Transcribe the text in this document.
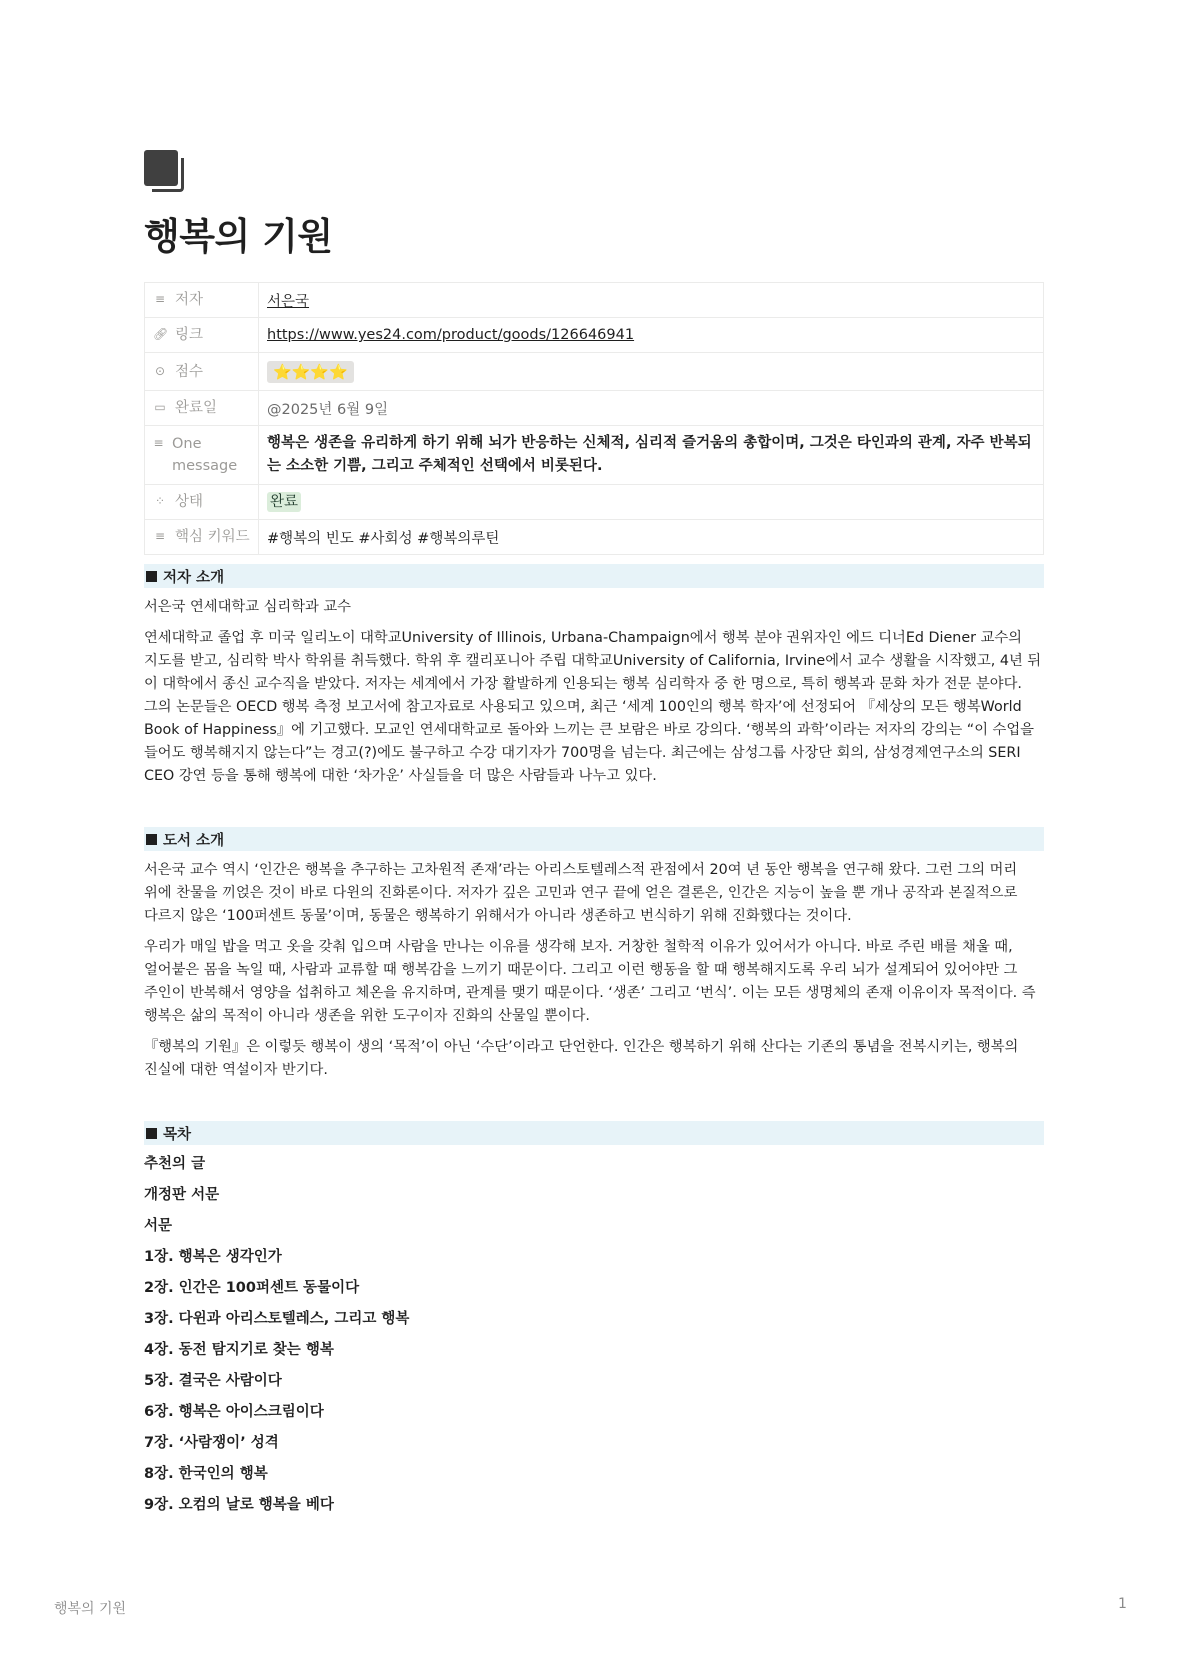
행복의 기원
≡ 저자	서은국

🔗︎ 링크	https://www.yes24.com/product/goods/126646941

⊙ 점수	⭐⭐⭐⭐

▭ 완료일	@2025년 6월 9일

≡ One message	행복은 생존을 유리하게 하기 위해 뇌가 반응하는 신체적, 심리적 즐거움의 총합이며, 그것은 타인과의 관계, 자주 반복되는 소소한 기쁨, 그리고 주체적인 선택에서 비롯된다.

⁘ 상태	완료

≡ 핵심 키워드	#행복의 빈도 #사회성 #행복의루틴
저자 소개
서은국 연세대학교 심리학과 교수
연세대학교 졸업 후 미국 일리노이 대학교University of Illinois, Urbana-Champaign에서 행복 분야 권위자인 에드 디너Ed Diener 교수의 지도를 받고, 심리학 박사 학위를 취득했다. 학위 후 캘리포니아 주립 대학교University of California, Irvine에서 교수 생활을 시작했고, 4년 뒤 이 대학에서 종신 교수직을 받았다. 저자는 세계에서 가장 활발하게 인용되는 행복 심리학자 중 한 명으로, 특히 행복과 문화 차가 전문 분야다. 그의 논문들은 OECD 행복 측정 보고서에 참고자료로 사용되고 있으며, 최근 ‘세계 100인의 행복 학자’에 선정되어 『세상의 모든 행복World Book of Happiness』에 기고했다. 모교인 연세대학교로 돌아와 느끼는 큰 보람은 바로 강의다. ‘행복의 과학’이라는 저자의 강의는 “이 수업을 들어도 행복해지지 않는다”는 경고(?)에도 불구하고 수강 대기자가 700명을 넘는다. 최근에는 삼성그룹 사장단 회의, 삼성경제연구소의 SERI CEO 강연 등을 통해 행복에 대한 ‘차가운’ 사실들을 더 많은 사람들과 나누고 있다.
도서 소개
서은국 교수 역시 ‘인간은 행복을 추구하는 고차원적 존재’라는 아리스토텔레스적 관점에서 20여 년 동안 행복을 연구해 왔다. 그런 그의 머리 위에 찬물을 끼얹은 것이 바로 다윈의 진화론이다. 저자가 깊은 고민과 연구 끝에 얻은 결론은, 인간은 지능이 높을 뿐 개나 공작과 본질적으로 다르지 않은 ‘100퍼센트 동물’이며, 동물은 행복하기 위해서가 아니라 생존하고 번식하기 위해 진화했다는 것이다.
우리가 매일 밥을 먹고 옷을 갖춰 입으며 사람을 만나는 이유를 생각해 보자. 거창한 철학적 이유가 있어서가 아니다. 바로 주린 배를 채울 때, 얼어붙은 몸을 녹일 때, 사람과 교류할 때 행복감을 느끼기 때문이다. 그리고 이런 행동을 할 때 행복해지도록 우리 뇌가 설계되어 있어야만 그 주인이 반복해서 영양을 섭취하고 체온을 유지하며, 관계를 맺기 때문이다. ‘생존’ 그리고 ‘번식’. 이는 모든 생명체의 존재 이유이자 목적이다. 즉 행복은 삶의 목적이 아니라 생존을 위한 도구이자 진화의 산물일 뿐이다.
『행복의 기원』은 이렇듯 행복이 생의 ‘목적’이 아닌 ‘수단’이라고 단언한다. 인간은 행복하기 위해 산다는 기존의 통념을 전복시키는, 행복의 진실에 대한 역설이자 반기다.
목차
추천의 글
개정판 서문
서문
1장. 행복은 생각인가
2장. 인간은 100퍼센트 동물이다
3장. 다윈과 아리스토텔레스, 그리고 행복
4장. 동전 탐지기로 찾는 행복
5장. 결국은 사람이다
6장. 행복은 아이스크림이다
7장. ‘사람쟁이’ 성격
8장. 한국인의 행복
9장. 오컴의 날로 행복을 베다
행복의 기원	1
